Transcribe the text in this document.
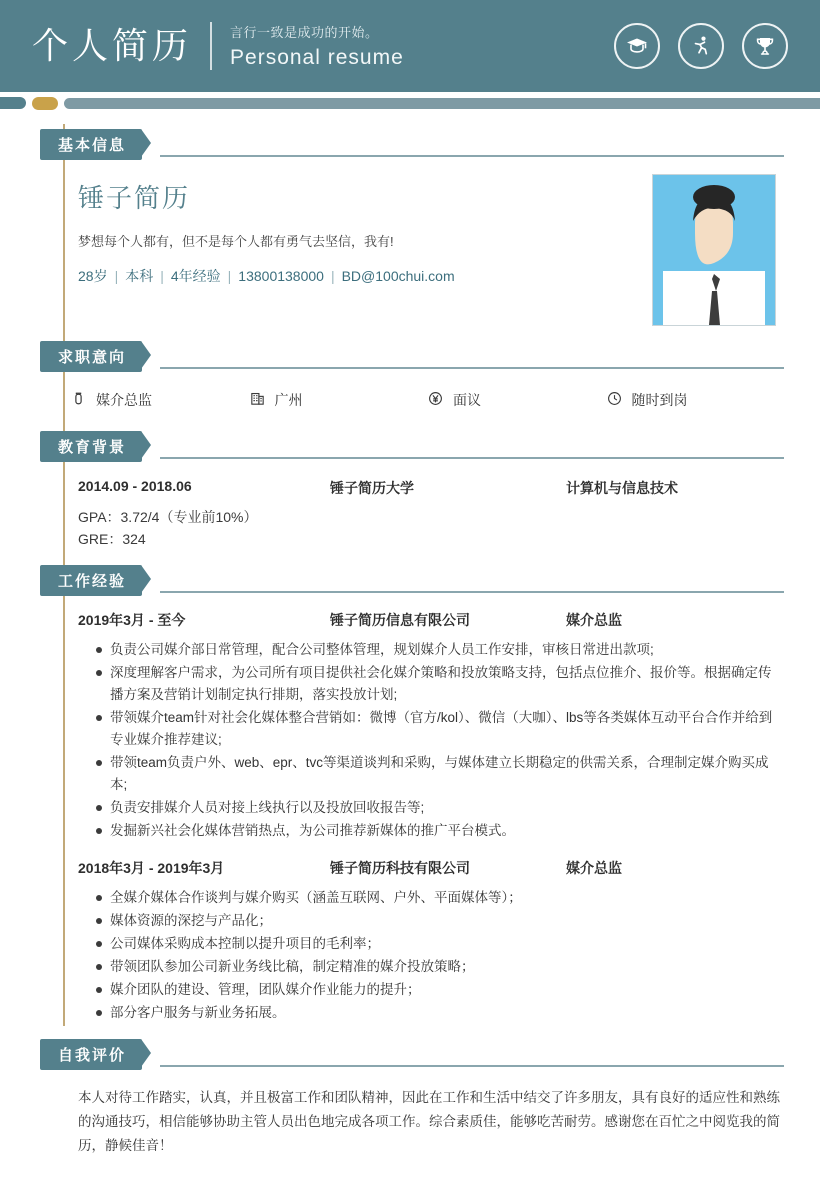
个人简历	言行一致是成功的开始。
Personal resume
基本信息
锤子简历
梦想每个人都有，但不是每个人都有勇气去坚信，我有!
28岁 | 本科 | 4年经验 | 13800138000 | BD@100chui.com
求职意向
媒介总监	广州	面议	随时到岗
教育背景
2014.09 - 2018.06	锤子简历大学	计算机与信息技术
GPA：3.72/4（专业前10%）
GRE：324
工作经验
2019年3月 - 至今	锤子简历信息有限公司	媒介总监
负责公司媒介部日常管理，配合公司整体管理，规划媒介人员工作安排，审核日常进出款项;
深度理解客户需求，为公司所有项目提供社会化媒介策略和投放策略支持，包括点位推介、报价等。根据确定传播方案及营销计划制定执行排期，落实投放计划;
带领媒介team针对社会化媒体整合营销如：微博（官方/kol）、微信（大咖）、lbs等各类媒体互动平台合作并给到专业媒介推荐建议;
带领team负责户外、web、epr、tvc等渠道谈判和采购，与媒体建立长期稳定的供需关系，合理制定媒介购买成本;
负责安排媒介人员对接上线执行以及投放回收报告等;
发掘新兴社会化媒体营销热点，为公司推荐新媒体的推广平台模式。
2018年3月 - 2019年3月	锤子简历科技有限公司	媒介总监
全媒介媒体合作谈判与媒介购买（涵盖互联网、户外、平面媒体等）；
媒体资源的深挖与产品化；
公司媒体采购成本控制以提升项目的毛利率；
带领团队参加公司新业务线比稿，制定精准的媒介投放策略；
媒介团队的建设、管理，团队媒介作业能力的提升；
部分客户服务与新业务拓展。
自我评价

本人对待工作踏实，认真，并且极富工作和团队精神，因此在工作和生活中结交了许多朋友，具有良好的适应性和熟练的沟通技巧，相信能够协助主管人员出色地完成各项工作。综合素质佳，能够吃苦耐劳。感谢您在百忙之中阅览我的简历，静候佳音！
